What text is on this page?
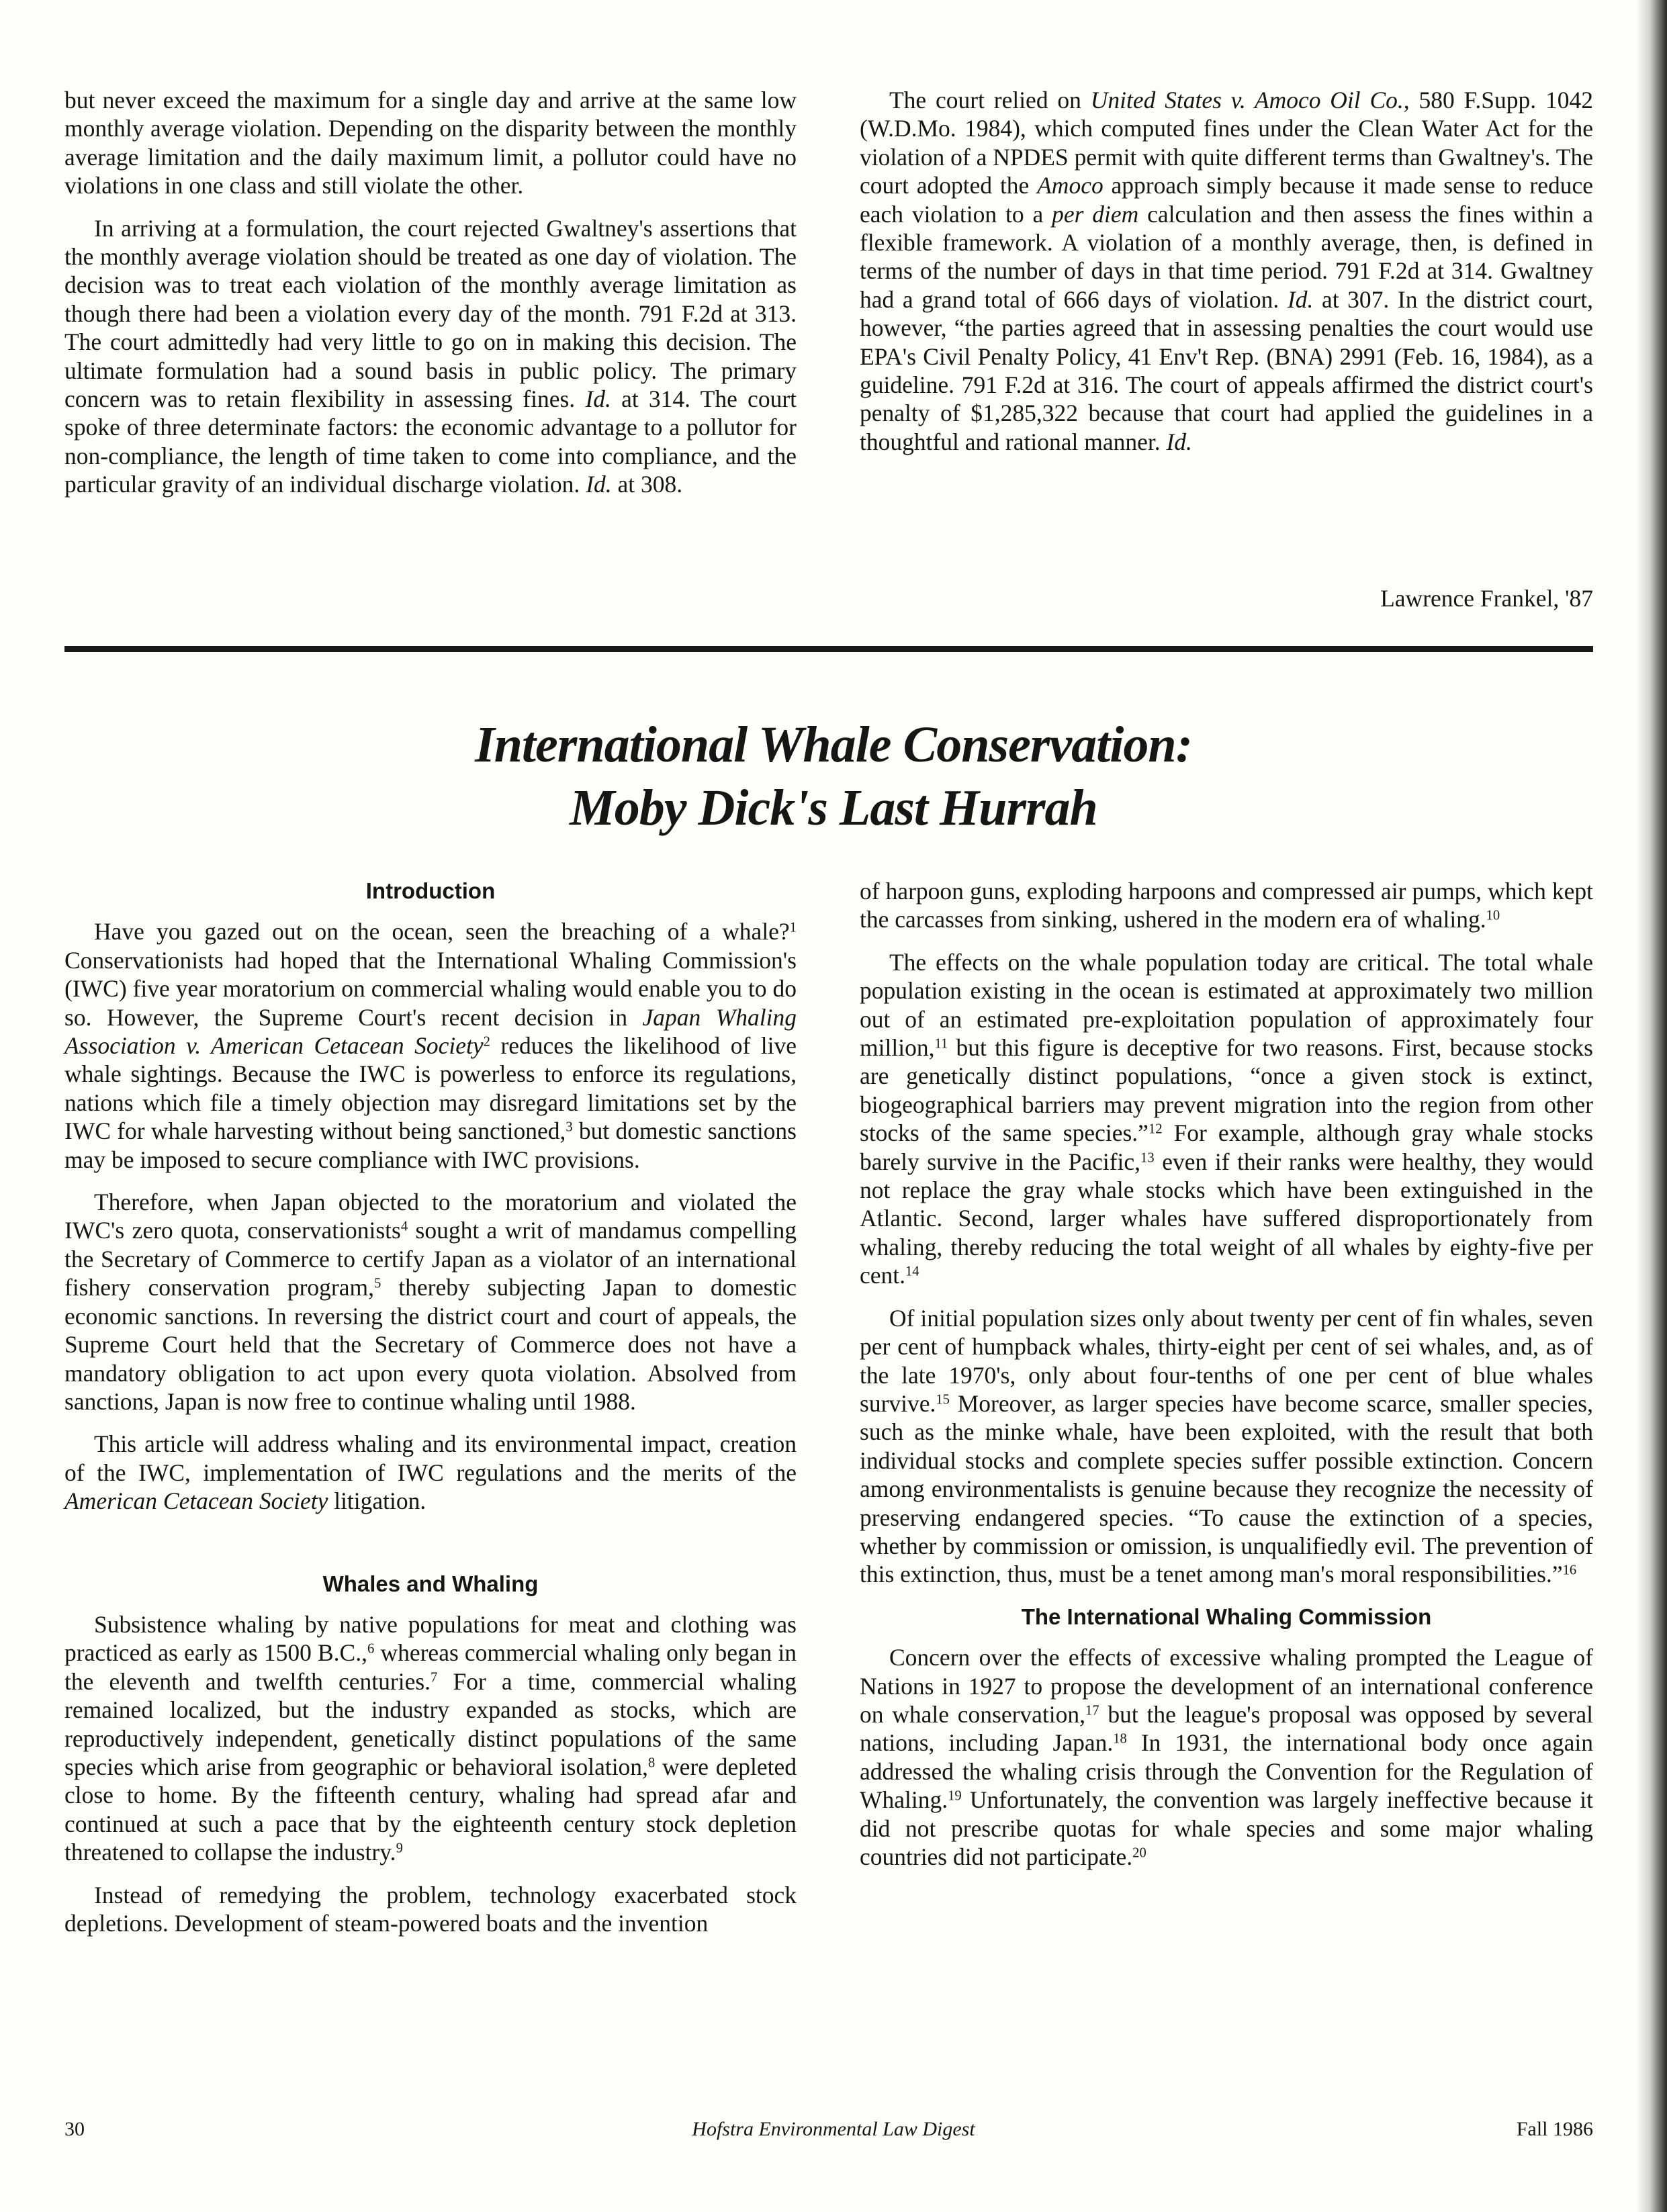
but never exceed the maximum for a single day and arrive at the same low monthly average violation. Depending on the disparity between the monthly average limitation and the daily maximum limit, a pollutor could have no violations in one class and still violate the other.

In arriving at a formulation, the court rejected Gwaltney's assertions that the monthly average violation should be treated as one day of violation. The decision was to treat each violation of the monthly average limitation as though there had been a violation every day of the month. 791 F.2d at 313. The court admittedly had very little to go on in making this decision. The ultimate formulation had a sound basis in public policy. The primary concern was to retain flexibility in assessing fines. Id. at 314. The court spoke of three determinate factors: the economic advantage to a pollutor for non-compliance, the length of time taken to come into compliance, and the particular gravity of an individual discharge violation. Id. at 308.

The court relied on United States v. Amoco Oil Co., 580 F.Supp. 1042 (W.D.Mo. 1984), which computed fines under the Clean Water Act for the violation of a NPDES permit with quite different terms than Gwaltney's. The court adopted the Amoco approach simply because it made sense to reduce each violation to a per diem calculation and then assess the fines within a flexible framework. A violation of a monthly average, then, is defined in terms of the number of days in that time period. 791 F.2d at 314. Gwaltney had a grand total of 666 days of violation. Id. at 307. In the district court, however, “the parties agreed that in assessing penalties the court would use EPA's Civil Penalty Policy, 41 Env't Rep. (BNA) 2991 (Feb. 16, 1984), as a guideline. 791 F.2d at 316. The court of appeals affirmed the district court's penalty of $1,285,322 because that court had applied the guidelines in a thoughtful and rational manner. Id.

Lawrence Frankel, '87
International Whale Conservation:
Moby Dick's Last Hurrah
Introduction

Have you gazed out on the ocean, seen the breaching of a whale?$^1$ Conservationists had hoped that the International Whaling Commission's (IWC) five year moratorium on commercial whaling would enable you to do so. However, the Supreme Court's recent decision in Japan Whaling Association v. American Cetacean Society$^2$ reduces the likelihood of live whale sightings. Because the IWC is powerless to enforce its regulations, nations which file a timely objection may disregard limitations set by the IWC for whale harvesting without being sanctioned,$^3$ but domestic sanctions may be imposed to secure compliance with IWC provisions.

Therefore, when Japan objected to the moratorium and violated the IWC's zero quota, conservationists$^4$ sought a writ of mandamus compelling the Secretary of Commerce to certify Japan as a violator of an international fishery conservation program,$^5$ thereby subjecting Japan to domestic economic sanctions. In reversing the district court and court of appeals, the Supreme Court held that the Secretary of Commerce does not have a mandatory obligation to act upon every quota violation. Absolved from sanctions, Japan is now free to continue whaling until 1988.

This article will address whaling and its environmental impact, creation of the IWC, implementation of IWC regulations and the merits of the American Cetacean Society litigation.

Whales and Whaling

Subsistence whaling by native populations for meat and clothing was practiced as early as 1500 B.C.,$^6$ whereas commercial whaling only began in the eleventh and twelfth centuries.$^7$ For a time, commercial whaling remained localized, but the industry expanded as stocks, which are reproductively independent, genetically distinct populations of the same species which arise from geographic or behavioral isolation,$^8$ were depleted close to home. By the fifteenth century, whaling had spread afar and continued at such a pace that by the eighteenth century stock depletion threatened to collapse the industry.$^9$

Instead of remedying the problem, technology exacerbated stock depletions. Development of steam-powered boats and the invention

of harpoon guns, exploding harpoons and compressed air pumps, which kept the carcasses from sinking, ushered in the modern era of whaling.$^{10}$

The effects on the whale population today are critical. The total whale population existing in the ocean is estimated at approximately two million out of an estimated pre-exploitation population of approximately four million,$^{11}$ but this figure is deceptive for two reasons. First, because stocks are genetically distinct populations, “once a given stock is extinct, biogeographical barriers may prevent migration into the region from other stocks of the same species.”$^{12}$ For example, although gray whale stocks barely survive in the Pacific,$^{13}$ even if their ranks were healthy, they would not replace the gray whale stocks which have been extinguished in the Atlantic. Second, larger whales have suffered disproportionately from whaling, thereby reducing the total weight of all whales by eighty-five per cent.$^{14}$

Of initial population sizes only about twenty per cent of fin whales, seven per cent of humpback whales, thirty-eight per cent of sei whales, and, as of the late 1970's, only about four-tenths of one per cent of blue whales survive.$^{15}$ Moreover, as larger species have become scarce, smaller species, such as the minke whale, have been exploited, with the result that both individual stocks and complete species suffer possible extinction. Concern among environmentalists is genuine because they recognize the necessity of preserving endangered species. “To cause the extinction of a species, whether by commission or omission, is unqualifiedly evil. The prevention of this extinction, thus, must be a tenet among man's moral responsibilities.”$^{16}$

The International Whaling Commission

Concern over the effects of excessive whaling prompted the League of Nations in 1927 to propose the development of an international conference on whale conservation,$^{17}$ but the league's proposal was opposed by several nations, including Japan.$^{18}$ In 1931, the international body once again addressed the whaling crisis through the Convention for the Regulation of Whaling.$^{19}$ Unfortunately, the convention was largely ineffective because it did not prescribe quotas for whale species and some major whaling countries did not participate.$^{20}$

Hofstra Environmental Law Digest
30	Fall 1986
